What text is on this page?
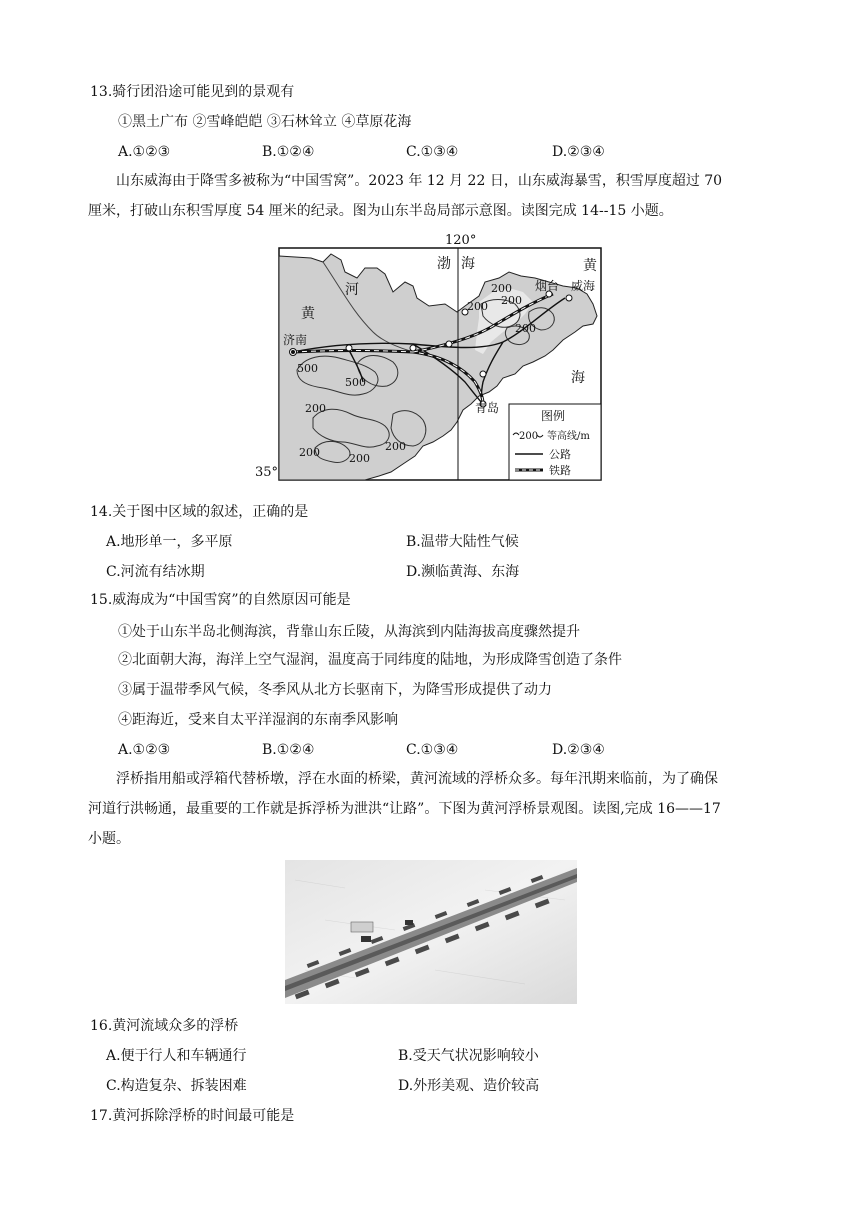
13.骑行团沿途可能见到的景观有
①黑土广布 ②雪峰皑皑 ③石林耸立 ④草原花海
A.①②③	B.①②④	C.①③④	D.②③④

山东威海由于降雪多被称为“中国雪窝”。2023 年 12 月 22 日，山东威海暴雪，积雪厚度超过 70

厘米，打破山东积雪厚度 54 厘米的纪录。图为山东半岛局部示意图。读图完成 14--15 小题。

120°
35°
渤 海	黄
海
黄
河
济南
烟台 威海
青岛
200
200 200
200
500
500
200
200	200
200
图例
200 等高线/m
公路
铁路
14.关于图中区域的叙述，正确的是
A.地形单一，多平原	B.温带大陆性气候
C.河流有结冰期	D.濒临黄海、东海
15.威海成为“中国雪窝”的自然原因可能是
①处于山东半岛北侧海滨，背靠山东丘陵，从海滨到内陆海拔高度骤然提升
②北面朝大海，海洋上空气湿润，温度高于同纬度的陆地，为形成降雪创造了条件
③属于温带季风气候，冬季风从北方长驱南下，为降雪形成提供了动力
④距海近，受来自太平洋湿润的东南季风影响
A.①②③	B.①②④	C.①③④	D.②③④

浮桥指用船或浮箱代替桥墩，浮在水面的桥梁，黄河流域的浮桥众多。每年汛期来临前，为了确保

河道行洪畅通，最重要的工作就是拆浮桥为泄洪“让路”。下图为黄河浮桥景观图。读图,完成 16——17

小题。

16.黄河流域众多的浮桥
A.便于行人和车辆通行	B.受天气状况影响较小
C.构造复杂、拆装困难	D.外形美观、造价较高
17.黄河拆除浮桥的时间最可能是
